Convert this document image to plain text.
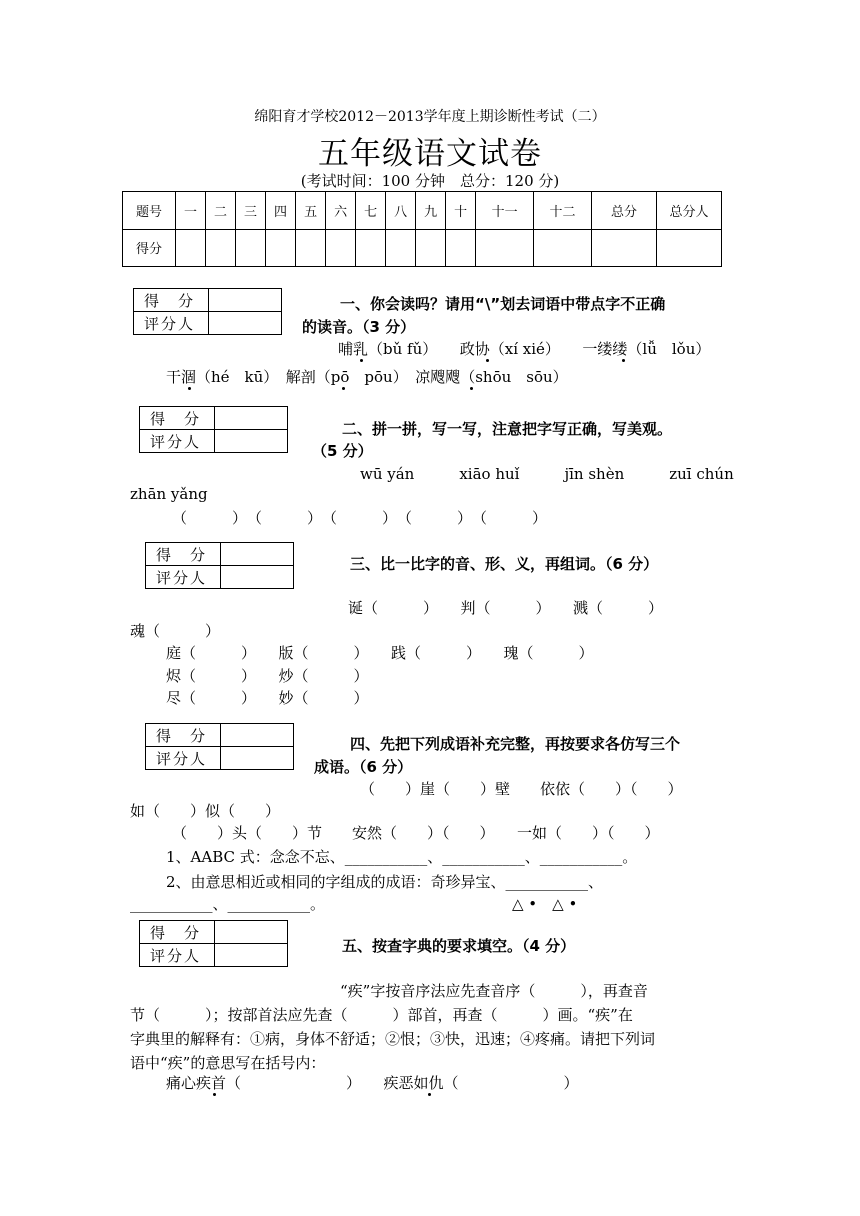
绵阳育才学校2012－2013学年度上期诊断性考试（二）
五年级语文试卷
(考试时间：100 分钟　总分：120 分)
题号	一	二	三	四	五	六	七	八	九	十	十一	十二	总分	总分人
得分														
得　分	
评分人	
一、你会读吗？请用“\”划去词语中带点字不正确
的读音。（3 分）
哺乳（bǔ fǔ）　　政协（xí xié）　　一缕缕（lǚ　lǒu）
干涸（hé　kū）　解剖（pō　pōu）　凉飕飕（shōu　sōu）
得　分	
评分人	
二、拼一拼，写一写，注意把字写正确，写美观。
（5 分）
wū yán　　　xiāo huǐ　　　jīn shèn　　　zuī chún
zhān yǎng
（　　　）　（　　　）　（　　　）　（　　　）　（　　　）
得　分	
评分人	
三、比一比字的音、形、义，再组词。（6 分）
诞（　　　）　　判（　　　）　　溅（　　　）
魂（　　　）
庭（　　　）　　版（　　　）　　践（　　　）　　瑰（　　　）
烬（　　　）　　炒（　　　）
尽（　　　）　　妙（　　　）
得　分	
评分人	
四、先把下列成语补充完整，再按要求各仿写三个
成语。（6 分）
（　　）崖（　　）壁　　依依（　　）（　　）
如（　　）似（　　）
（　　）头（　　）节　　安然（　　）（　　）　　一如（　　）（　　）
1、AABC 式：念念不忘、___________、___________、___________。
2、由意思相近或相同的字组成的成语：奇珍异宝、___________、
___________、___________。	△ •　△ •
得　分	
评分人	
五、按查字典的要求填空。（4 分）
“疾”字按音序法应先查音序（　　　），再查音
节（　　　）；按部首法应先查（　　　）部首，再查（　　　）画。“疾”在
字典里的解释有：①病，身体不舒适；②恨；③快，迅速；④疼痛。请把下列词
语中“疾”的意思写在括号内：
痛心疾首（　　　　　　　）　　疾恶如仇（　　　　　　　）
